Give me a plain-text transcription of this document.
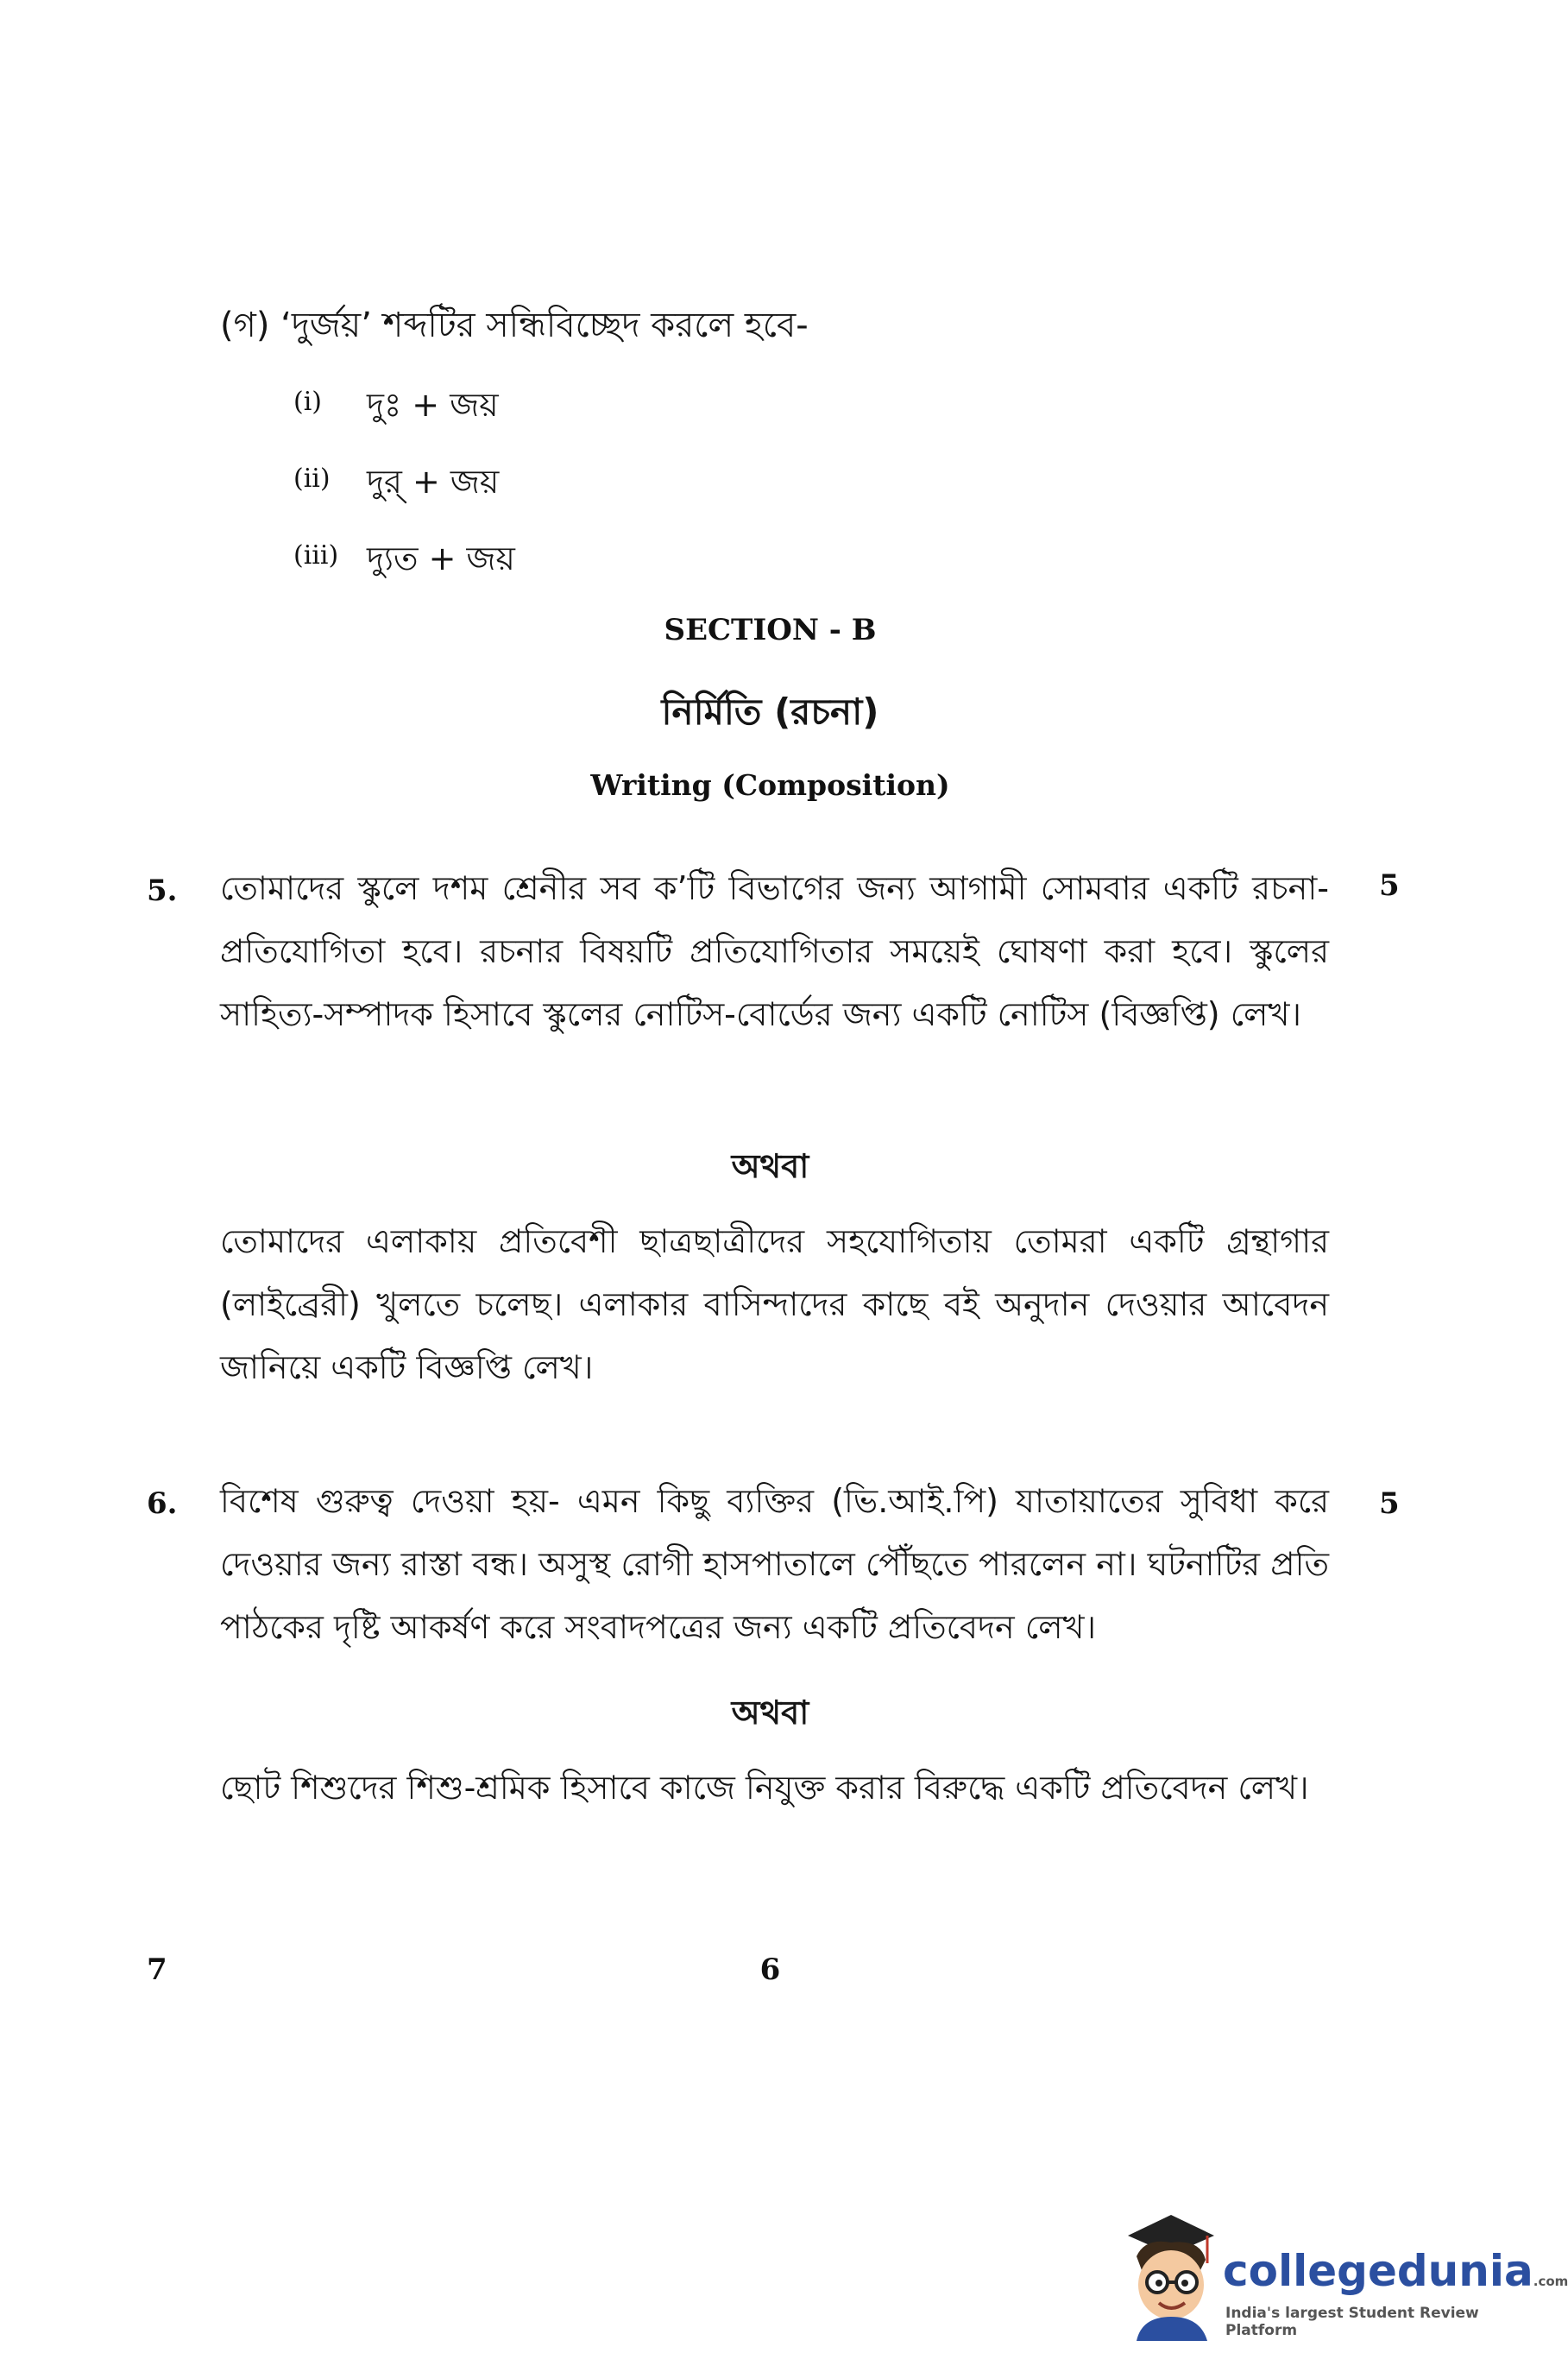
(গ) ‘দুর্জয়’ শব্দটির সন্ধিবিচ্ছেদ করলে হবে-
(i) দুঃ + জয়
(ii) দুর্ + জয়
(iii) দ্যুত + জয়
SECTION - B
নির্মিতি (রচনা)
Writing (Composition)
5.	5
তোমাদের স্কুলে দশম শ্রেনীর সব ক’টি বিভাগের জন্য আগামী সোমবার একটি রচনা-প্রতিযোগিতা হবে। রচনার বিষয়টি প্রতিযোগিতার সময়েই ঘোষণা করা হবে। স্কুলের সাহিত্য-সম্পাদক হিসাবে স্কুলের নোটিস-বোর্ডের জন্য একটি নোটিস (বিজ্ঞপ্তি) লেখ।
অথবা
তোমাদের এলাকায় প্রতিবেশী ছাত্রছাত্রীদের সহযোগিতায় তোমরা একটি গ্রন্থাগার (লাইব্রেরী) খুলতে চলেছ। এলাকার বাসিন্দাদের কাছে বই অনুদান দেওয়ার আবেদন জানিয়ে একটি বিজ্ঞপ্তি লেখ।
6.	5
বিশেষ গুরুত্ব দেওয়া হয়- এমন কিছু ব্যক্তির (ভি.আই.পি) যাতায়াতের সুবিধা করে দেওয়ার জন্য রাস্তা বন্ধ। অসুস্থ রোগী হাসপাতালে পৌঁছতে পারলেন না। ঘটনাটির প্রতি পাঠকের দৃষ্টি আকর্ষণ করে সংবাদপত্রের জন্য একটি প্রতিবেদন লেখ।
অথবা
ছোট শিশুদের শিশু-শ্রমিক হিসাবে কাজে নিযুক্ত করার বিরুদ্ধে একটি প্রতিবেদন লেখ।
7	6
collegedunia.com
India's largest Student Review Platform
